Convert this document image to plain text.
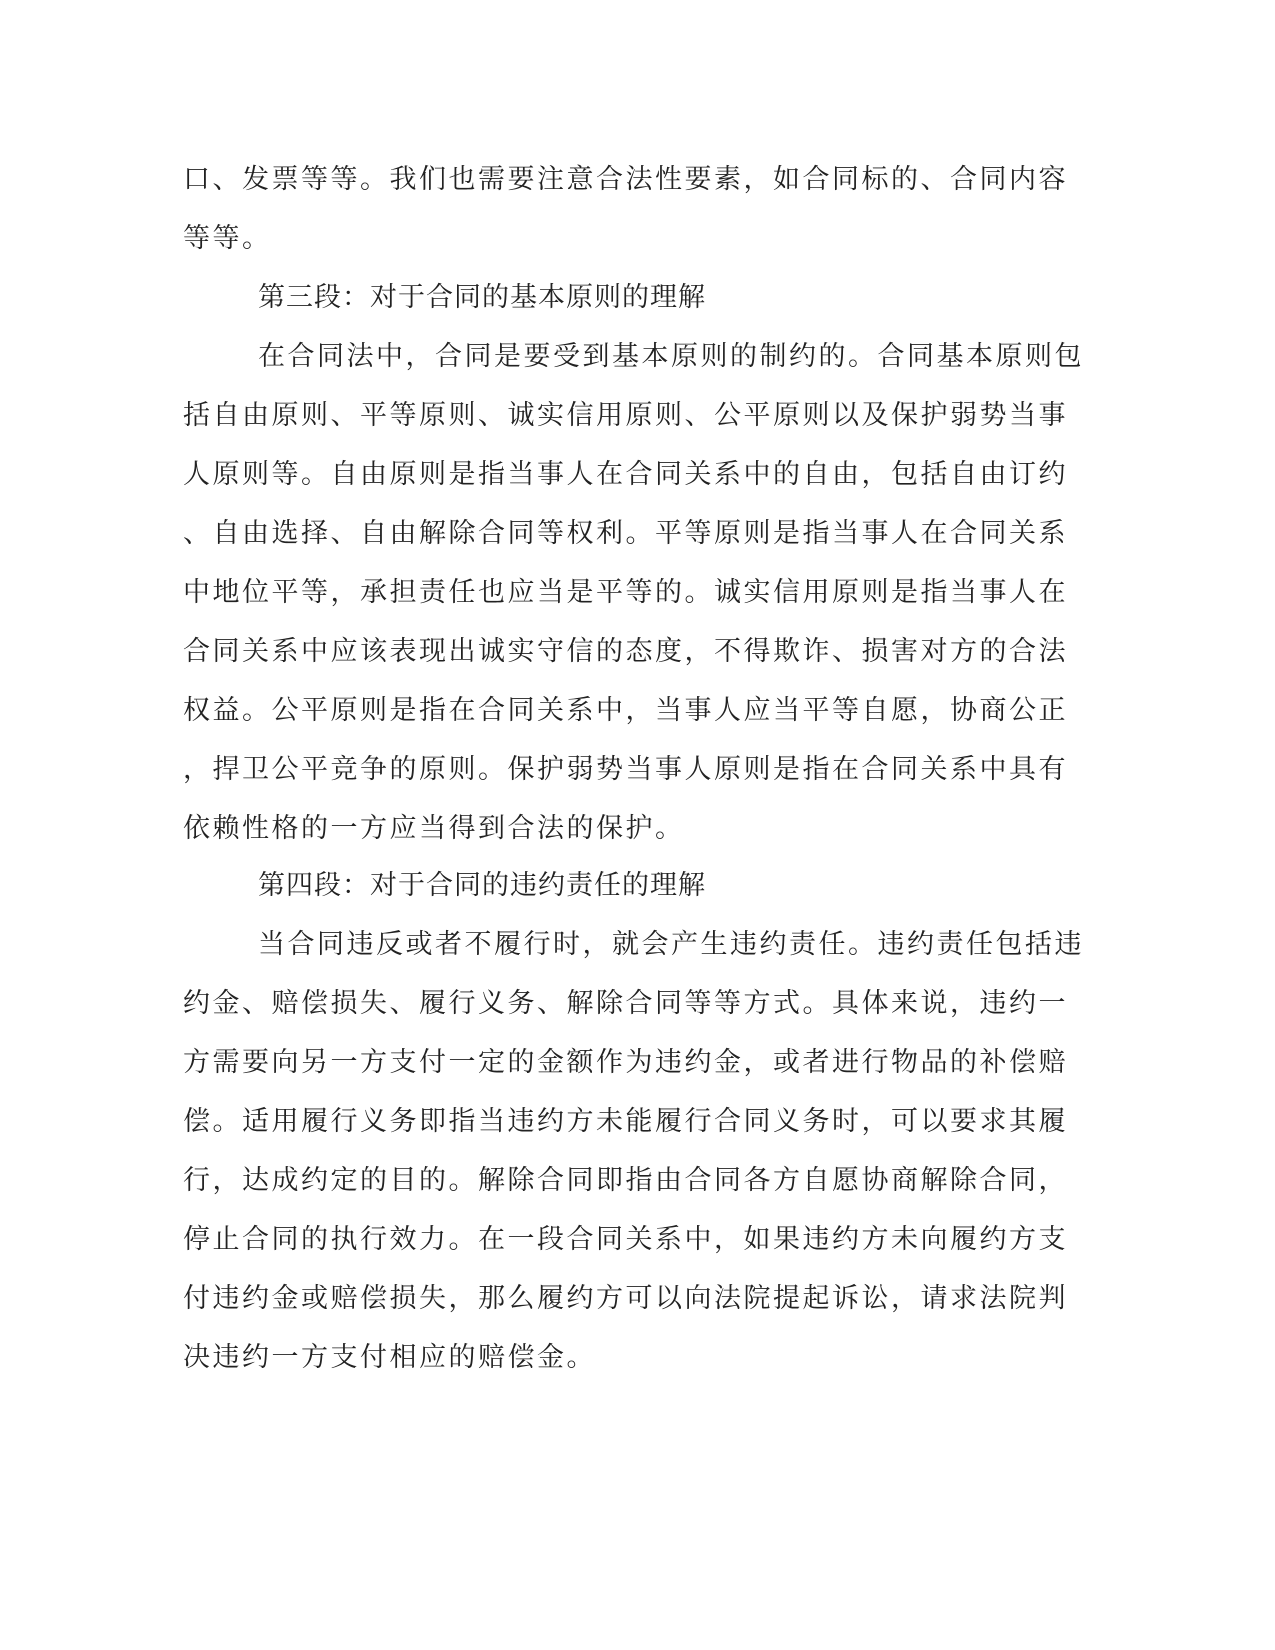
口、发票等等。我们也需要注意合法性要素，如合同标的、合同内容
等等。
第三段：对于合同的基本原则的理解
在合同法中，合同是要受到基本原则的制约的。合同基本原则包
括自由原则、平等原则、诚实信用原则、公平原则以及保护弱势当事
人原则等。自由原则是指当事人在合同关系中的自由，包括自由订约
、自由选择、自由解除合同等权利。平等原则是指当事人在合同关系
中地位平等，承担责任也应当是平等的。诚实信用原则是指当事人在
合同关系中应该表现出诚实守信的态度，不得欺诈、损害对方的合法
权益。公平原则是指在合同关系中，当事人应当平等自愿，协商公正
，捍卫公平竞争的原则。保护弱势当事人原则是指在合同关系中具有
依赖性格的一方应当得到合法的保护。
第四段：对于合同的违约责任的理解
当合同违反或者不履行时，就会产生违约责任。违约责任包括违
约金、赔偿损失、履行义务、解除合同等等方式。具体来说，违约一
方需要向另一方支付一定的金额作为违约金，或者进行物品的补偿赔
偿。适用履行义务即指当违约方未能履行合同义务时，可以要求其履
行，达成约定的目的。解除合同即指由合同各方自愿协商解除合同，
停止合同的执行效力。在一段合同关系中，如果违约方未向履约方支
付违约金或赔偿损失，那么履约方可以向法院提起诉讼，请求法院判
决违约一方支付相应的赔偿金。
